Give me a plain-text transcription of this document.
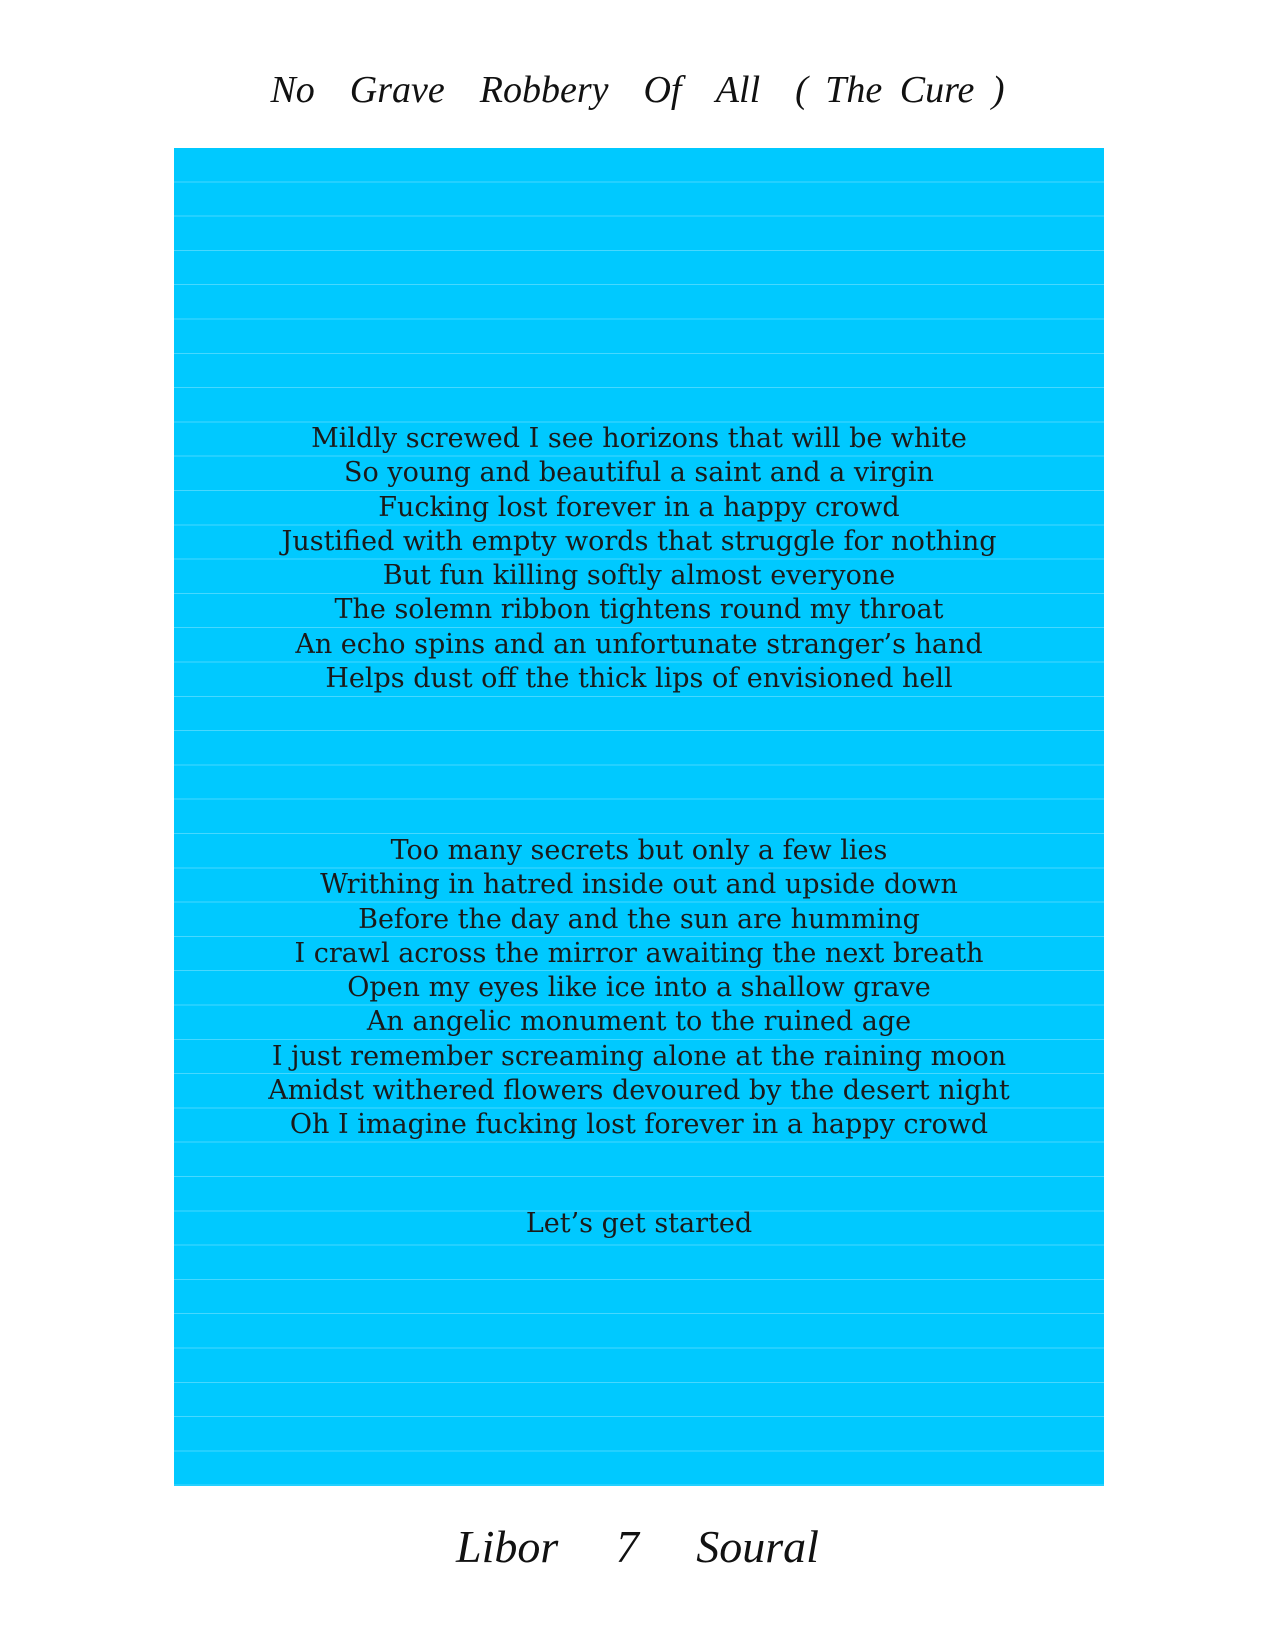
No  Grave  Robbery  Of  All  ( The Cure )
Mildly screwed I see horizons that will be white
So young and beautiful a saint and a virgin
Fucking lost forever in a happy crowd
Justified with empty words that struggle for nothing
But fun killing softly almost everyone
The solemn ribbon tightens round my throat
An echo spins and an unfortunate stranger’s hand
Helps dust off the thick lips of envisioned hell
Too many secrets but only a few lies
Writhing in hatred inside out and upside down
Before the day and the sun are humming
I crawl across the mirror awaiting the next breath
Open my eyes like ice into a shallow grave
An angelic monument to the ruined age
I just remember screaming alone at the raining moon
Amidst withered flowers devoured by the desert night
Oh I imagine fucking lost forever in a happy crowd
Let’s get started
Libor     7     Soural
